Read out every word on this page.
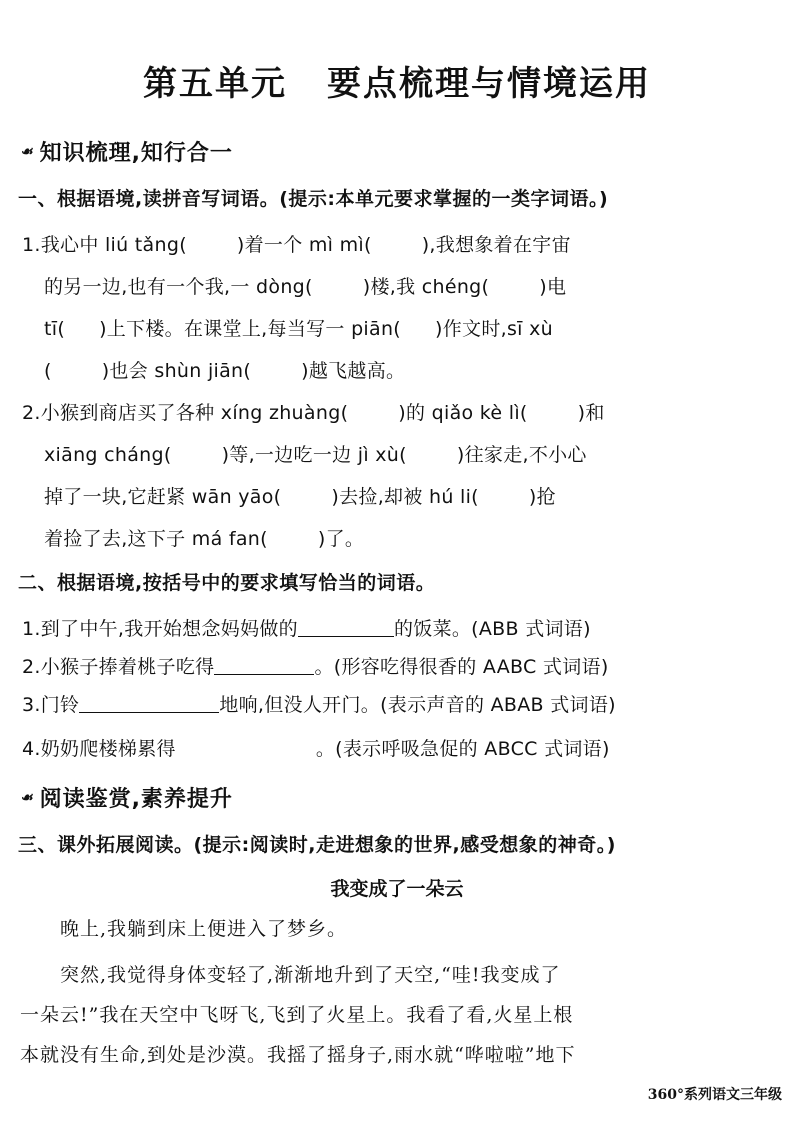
第五单元 要点梳理与情境运用
☙ 知识梳理,知行合一
一、根据语境,读拼音写词语。(提示:本单元要求掌握的一类字词语。)
1.我心中 liú tǎng(	)着一个 mì mì(	),我想象着在宇宙
的另一边,也有一个我,一 dòng(	)楼,我 chéng(	)电
tī( )上下楼。在课堂上,每当写一 piān( )作文时,sī xù
(	)也会 shùn jiān(	)越飞越高。
2.小猴到商店买了各种 xíng zhuàng(	)的 qiǎo kè lì(	)和
xiāng cháng(	)等,一边吃一边 jì xù(	)往家走,不小心
掉了一块,它赶紧 wān yāo(	)去捡,却被 hú li(	)抢
着捡了去,这下子 má fan(	)了。
二、根据语境,按括号中的要求填写恰当的词语。
1.到了中午,我开始想念妈妈做的	的饭菜。(ABB 式词语)
2.小猴子捧着桃子吃得	。(形容吃得很香的 AABC 式词语)
3.门铃	地响,但没人开门。(表示声音的 ABAB 式词语)
4.奶奶爬楼梯累得	。(表示呼吸急促的 ABCC 式词语)
☙ 阅读鉴赏,素养提升
三、课外拓展阅读。(提示:阅读时,走进想象的世界,感受想象的神奇。)
我变成了一朵云
晚上,我躺到床上便进入了梦乡。
突然,我觉得身体变轻了,渐渐地升到了天空,“哇!我变成了
一朵云!”我在天空中飞呀飞,飞到了火星上。我看了看,火星上根
本就没有生命,到处是沙漠。我摇了摇身子,雨水就“哗啦啦”地下
360°系列语文三年级
